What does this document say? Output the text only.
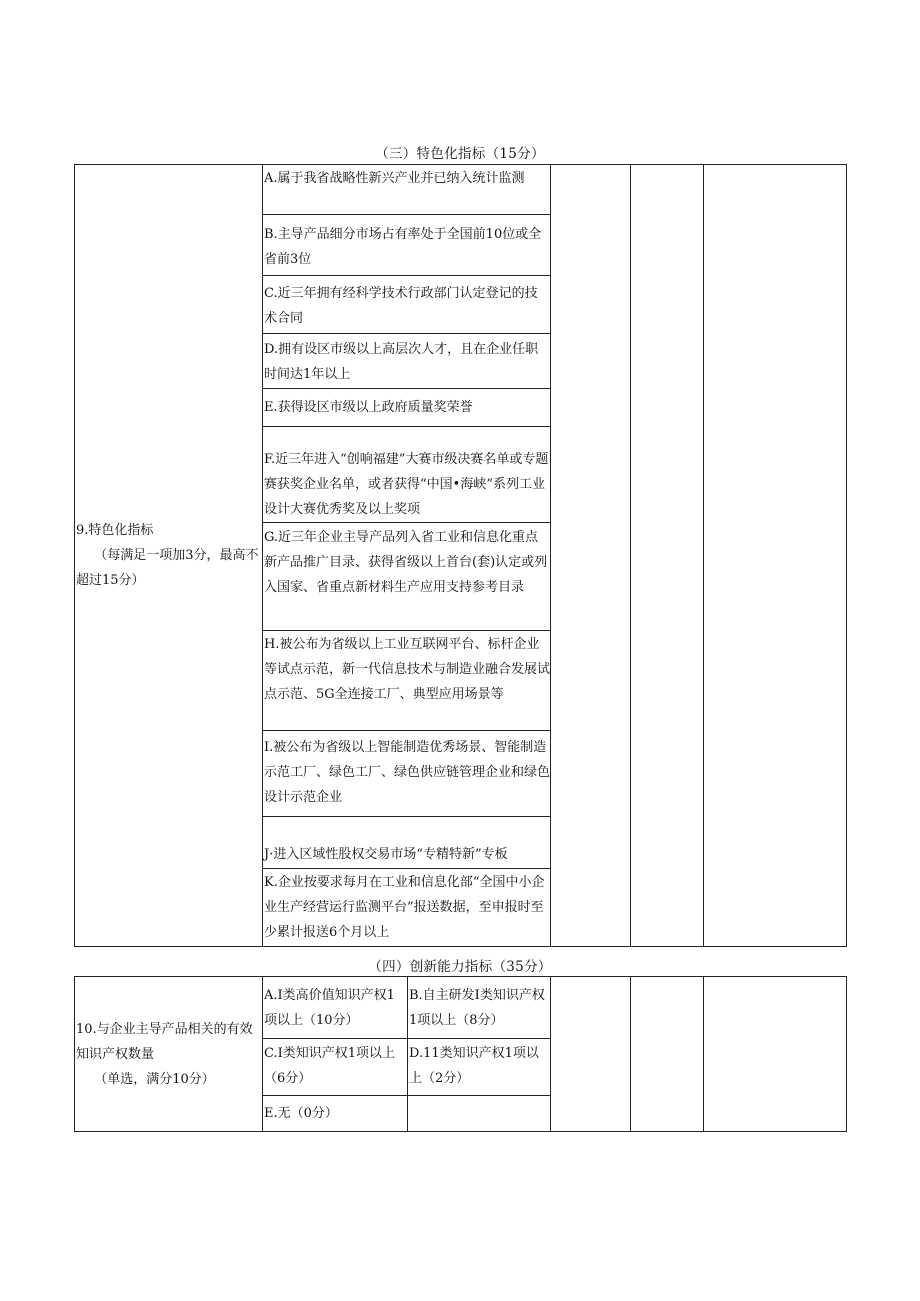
（三）特色化指标（15分）
9.特色化指标
（每满足一项加3分，最高不超过15分）

A.属于我省战略性新兴产业并已纳入统计监测

B.主导产品细分市场占有率处于全国前10位或全省前3位

C.近三年拥有经科学技术行政部门认定登记的技术合同

D.拥有设区市级以上高层次人才，且在企业任职时间达1年以上

E.获得设区市级以上政府质量奖荣誉

F.近三年进入“创响福建”大赛市级决赛名单或专题赛获奖企业名单，或者获得“中国•海峡”系列工业设计大赛优秀奖及以上奖项

G.近三年企业主导产品列入省工业和信息化重点新产品推广目录、获得省级以上首台(套)认定或列入国家、省重点新材料生产应用支持参考目录

H.被公布为省级以上工业互联网平台、标杆企业等试点示范，新一代信息技术与制造业融合发展试点示范、5G全连接工厂、典型应用场景等

I.被公布为省级以上智能制造优秀场景、智能制造示范工厂、绿色工厂、绿色供应链管理企业和绿色设计示范企业

J·进入区域性股权交易市场“专精特新”专板

K.企业按要求每月在工业和信息化部“全国中小企业生产经营运行监测平台”报送数据，至申报时至少累计报送6个月以上
（四）创新能力指标（35分）
10.与企业主导产品相关的有效知识产权数量
（单选，满分10分）	A.I类高价值知识产权1项以上（10分）	B.自主研发I类知识产权1项以上（8分）			

	C.I类知识产权1项以上（6分）	D.11类知识产权1项以上（2分）			

	E.无（0分）				
